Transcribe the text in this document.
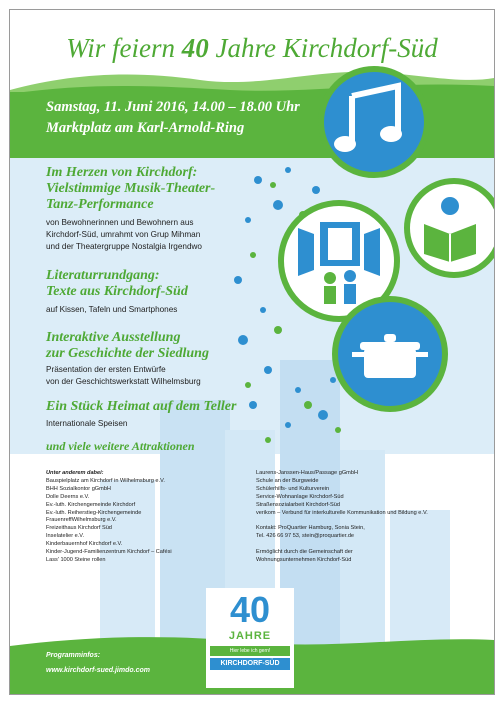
Wir feiern 40 Jahre Kirchdorf-Süd
Samstag, 11. Juni 2016, 14.00 – 18.00 Uhr
Marktplatz am Karl-Arnold-Ring
Im Herzen von Kirchdorf:
Vielstimmige Musik-Theater-
Tanz-Performance
von Bewohnerinnen und Bewohnern aus
Kirchdorf-Süd, umrahmt von Grup Mihman
und der Theatergruppe Nostalgia Irgendwo
Literaturrundgang:
Texte aus Kirchdorf-Süd
auf Kissen, Tafeln und Smartphones
Interaktive Ausstellung
zur Geschichte der Siedlung
Präsentation der ersten Entwürfe
von der Geschichtswerkstatt Wilhelmsburg
Ein Stück Heimat auf dem Teller
Internationale Speisen
und viele weitere Attraktionen
Unter anderem dabei:
Bauspielplatz am Kirchdorf in Wilhelmsburg e.V.
BHH Sozialkontor gGmbH
Dolle Deerns e.V.
Ev.-luth. Kirchengemeinde Kirchdorf
Ev.-luth. Reiherstieg-Kirchengemeinde
FrauenreffWilhelmsburg e.V.
Freizeithaus Kirchdorf Süd
Inselatelier e.V.
Kinderbauernhof Kirchdorf e.V.
Kinder-Jugend-Familienzentrum Kirchdorf – Cafési
Lass' 1000 Steine rollen
Laurens-Janssen-Haus/Passage gGmbH
Schule an der Burgweide
Schülerhilfs- und Kulturverein
Service-Wohnanlage Kirchdorf-Süd
Straßensozialarbeit Kirchdorf-Süd
verikom – Verbund für interkulturelle Kommunikation und Bildung e.V.
Kontakt: ProQuartier Hamburg, Sonia Stein,
Tel. 426 66 97 53, stein@proquartier.de
Ermöglicht durch die Gemeinschaft der
Wohnungsunternehmen Kirchdorf-Süd
Programminfos:
www.kirchdorf-sued.jimdo.com
40
JAHRE
Hier lebe ich gern!
KIRCHDORF-SÜD
